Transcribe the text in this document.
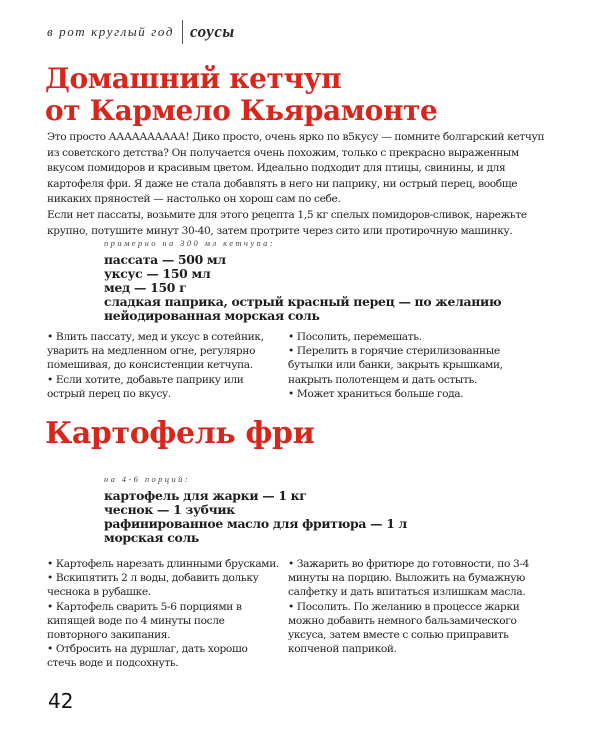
в рот круглый год соусы
Домашний кетчуп
от Кармело Кьярамонте

Это просто АААААААААА! Дико просто, очень ярко по в5кусу — помните болгарский кетчуп из советского детства? Он получается очень похожим, только с прекрасно выраженным вкусом помидоров и красивым цветом. Идеально подходит для птицы, свинины, и для картофеля фри. Я даже не стала добавлять в него ни паприку, ни острый перец, вообще никаких пряностей — настолько он хорош сам по себе.

Если нет пассаты, возьмите для этого рецепта 1,5 кг спелых помидоров-сливок, нарежьте крупно, потушите минут 30-40, затем протрите через сито или протирочную машинку.

примерно на 300 мл кетчупа:
пассата — 500 мл
уксус — 150 мл
мед — 150 г
сладкая паприка, острый красный перец — по желанию
нейодированная морская соль
• Влить пассату, мед и уксус в сотейник, уварить на медленном огне, регулярно помешивая, до консистенции кетчупа.
• Если хотите, добавьте паприку или острый перец по вкусу.
• Посолить, перемешать.
• Перелить в горячие стерилизованные бутылки или банки, закрыть крышками, накрыть полотенцем и дать остыть.
• Может храниться больше года.
Картофель фри
на 4-6 порций:
картофель для жарки — 1 кг
чеснок — 1 зубчик
рафинированное масло для фритюра — 1 л
морская соль
• Картофель нарезать длинными брусками.
• Вскипятить 2 л воды, добавить дольку чеснока в рубашке.
• Картофель сварить 5-6 порциями в кипящей воде по 4 минуты после повторного закипания.
• Отбросить на дуршлаг, дать хорошо стечь воде и подсохнуть.
• Зажарить во фритюре до готовности, по 3-4 минуты на порцию. Выложить на бумажную салфетку и дать впитаться излишкам масла.
• Посолить. По желанию в процессе жарки можно добавить немного бальзамического уксуса, затем вместе с солью приправить копченой паприкой.
42
